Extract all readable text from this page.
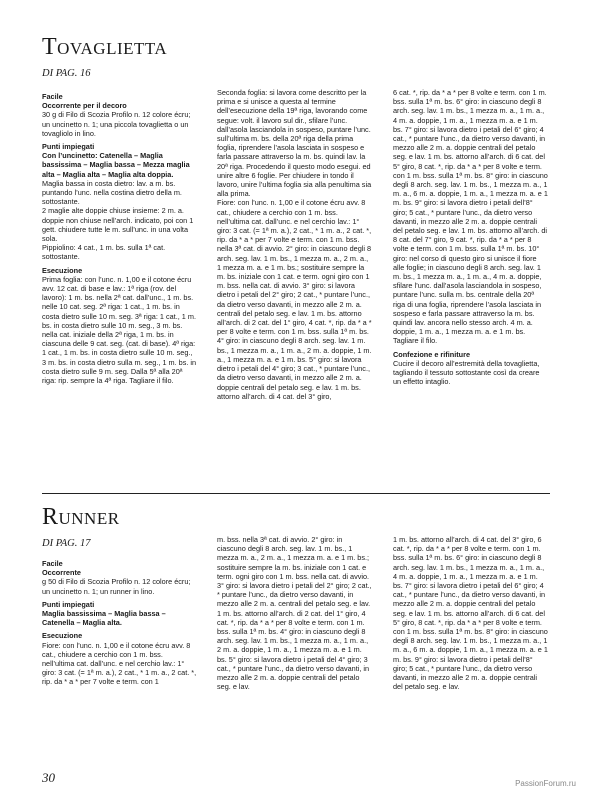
Tovaglietta
DI PAG. 16

Facile

Occorrente per il decoro

30 g di Filo di Scozia Profilo n. 12 colore écru; un uncinetto n. 1; una piccola tovaglietta o un tovagliolo in lino.

Punti impiegati

Con l’uncinetto: Catenella – Maglia bassissima – Maglia bassa – Mezza maglia alta – Maglia alta – Maglia alta doppia.

Maglia bassa in costa dietro: lav. a m. bs. puntando l’unc. nella costina dietro della m. sottostante.

2 maglie alte doppie chiuse insieme: 2 m. a. doppie non chiuse nell’arch. indicato, poi con 1 gett. chiudere tutte le m. sull’unc. in una volta sola.

Pippiolino: 4 cat., 1 m. bs. sulla 1ª cat. sottostante.

Esecuzione

Prima foglia: con l’unc. n. 1,00 e il cotone écru avv. 12 cat. di base e lav.: 1ª riga (rov. del lavoro): 1 m. bs. nella 2ª cat. dall’unc., 1 m. bs. nelle 10 cat. seg. 2ª riga: 1 cat., 1 m. bs. in costa dietro sulle 10 m. seg. 3ª riga: 1 cat., 1 m. bs. in costa dietro sulle 10 m. seg., 3 m. bs. nella cat. iniziale della 2ª riga, 1 m. bs. in ciascuna delle 9 cat. seg. (cat. di base). 4ª riga: 1 cat., 1 m. bs. in costa dietro sulle 10 m. seg., 3 m. bs. in costa dietro sulla m. seg., 1 m. bs. in costa dietro sulle 9 m. seg. Dalla 5ª alla 20ª riga: rip. sempre la 4ª riga. Tagliare il filo.

Seconda foglia: si lavora come descritto per la prima e si unisce a questa al termine dell’esecuzione della 19ª riga, lavorando come segue: volt. il lavoro sul dir., sfilare l’unc. dall’asola lasciandola in sospeso, puntare l’unc. sull’ultima m. bs. della 20ª riga della prima foglia, riprendere l’asola lasciata in sospeso e farla passare attraverso la m. bs. quindi lav. la 20ª riga. Procedendo il questo modo esegui. ed unire altre 6 foglie. Per chiudere in tondo il lavoro, unire l’ultima foglia sia alla penultima sia alla prima.

Fiore: con l’unc. n. 1,00 e il cotone écru avv. 8 cat., chiudere a cerchio con 1 m. bss. nell’ultima cat. dall’unc. e nel cerchio lav.: 1° giro: 3 cat. (= 1ª m. a.), 2 cat., * 1 m. a., 2 cat. *, rip. da * a * per 7 volte e term. con 1 m. bss. nella 3ª cat. di avvio. 2° giro: in ciascuno degli 8 arch. seg. lav. 1 m. bs., 1 mezza m. a., 2 m. a., 1 mezza m. a. e 1 m. bs.; sostituire sempre la m. bs. iniziale con 1 cat. e term. ogni giro con 1 m. bss. nella cat. di avvio. 3° giro: si lavora dietro i petali del 2° giro; 2 cat., * puntare l’unc., da dietro verso davanti, in mezzo alle 2 m. a. centrali del petalo seg. e lav. 1 m. bs. attorno all’arch. di 2 cat. del 1° giro, 4 cat. *, rip. da * a * per 8 volte e term. con 1 m. bss. sulla 1ª m. bs. 4° giro: in ciascuno degli 8 arch. seg. lav. 1 m. bs., 1 mezza m. a., 1 m. a., 2 m. a. doppie, 1 m. a., 1 mezza m. a. e 1 m. bs. 5° giro: si lavora dietro i petali del 4° giro; 3 cat., * puntare l’unc., da dietro verso davanti, in mezzo alle 2 m. a. doppie centrali del petalo seg. e lav. 1 m. bs. attorno all’arch. di 4 cat. del 3° giro,

6 cat. *, rip. da * a * per 8 volte e term. con 1 m. bss. sulla 1ª m. bs. 6° giro: in ciascuno degli 8 arch. seg. lav. 1 m. bs., 1 mezza m. a., 1 m. a., 4 m. a. doppie, 1 m. a., 1 mezza m. a. e 1 m. bs. 7° giro: si lavora dietro i petali del 6° giro; 4 cat., * puntare l’unc., da dietro verso davanti, in mezzo alle 2 m. a. doppie centrali del petalo seg. e lav. 1 m. bs. attorno all’arch. di 6 cat. del 5° giro, 8 cat. *, rip. da * a * per 8 volte e term. con 1 m. bss. sulla 1ª m. bs. 8° giro: in ciascuno degli 8 arch. seg. lav. 1 m. bs., 1 mezza m. a., 1 m. a., 6 m. a. doppie, 1 m. a., 1 mezza m. a. e 1 m. bs. 9° giro: si lavora dietro i petali dell’8° giro; 5 cat., * puntare l’unc., da dietro verso davanti, in mezzo alle 2 m. a. doppie centrali del petalo seg. e lav. 1 m. bs. attorno all’arch. di 8 cat. del 7° giro, 9 cat. *, rip. da * a * per 8 volte e term. con 1 m. bss. sulla 1ª m. bs. 10° giro: nel corso di questo giro si unisce il fiore alle foglie; in ciascuno degli 8 arch. seg. lav. 1 m. bs., 1 mezza m. a., 1 m. a., 4 m. a. doppie, sfilare l’unc. dall’asola lasciandola in sospeso, puntare l’unc. sulla m. bs. centrale della 20ª riga di una foglia, riprendere l’asola lasciata in sospeso e farla passare attraverso la m. bs. quindi lav. ancora nello stesso arch. 4 m. a. doppie, 1 m. a., 1 mezza m. a. e 1 m. bs. Tagliare il filo.

Confezione e rifiniture

Cucire il decoro all’estremità della tovaglietta, tagliando il tessuto sottostante così da creare un effetto intaglio.

Runner
DI PAG. 17

Facile

Occorrente

g 50 di Filo di Scozia Profilo n. 12 colore écru; un uncinetto n. 1; un runner in lino.

Punti impiegati

Maglia bassissima – Maglia bassa – Catenella – Maglia alta.

Esecuzione

Fiore: con l’unc. n. 1,00 e il cotone écru avv. 8 cat., chiudere a cerchio con 1 m. bss. nell’ultima cat. dall’unc. e nel cerchio lav.: 1° giro: 3 cat. (= 1ª m. a.), 2 cat., * 1 m. a., 2 cat. *, rip. da * a * per 7 volte e term. con 1

m. bss. nella 3ª cat. di avvio. 2° giro: in ciascuno degli 8 arch. seg. lav. 1 m. bs., 1 mezza m. a., 2 m. a., 1 mezza m. a. e 1 m. bs.; sostituire sempre la m. bs. iniziale con 1 cat. e term. ogni giro con 1 m. bss. nella cat. di avvio. 3° giro: si lavora dietro i petali del 2° giro; 2 cat., * puntare l’unc., da dietro verso davanti, in mezzo alle 2 m. a. centrali del petalo seg. e lav. 1 m. bs. attorno all’arch. di 2 cat. del 1° giro, 4 cat. *, rip. da * a * per 8 volte e term. con 1 m. bss. sulla 1ª m. bs. 4° giro: in ciascuno degli 8 arch. seg. lav. 1 m. bs., 1 mezza m. a., 1 m. a., 2 m. a. doppie, 1 m. a., 1 mezza m. a. e 1 m. bs. 5° giro: si lavora dietro i petali del 4° giro; 3 cat., * puntare l’unc., da dietro verso davanti, in mezzo alle 2 m. a. doppie centrali del petalo seg. e lav.

1 m. bs. attorno all’arch. di 4 cat. del 3° giro, 6 cat. *, rip. da * a * per 8 volte e term. con 1 m. bss. sulla 1ª m. bs. 6° giro: in ciascuno degli 8 arch. seg. lav. 1 m. bs., 1 mezza m. a., 1 m. a., 4 m. a. doppie, 1 m. a., 1 mezza m. a. e 1 m. bs. 7° giro: si lavora dietro i petali del 6° giro; 4 cat., * puntare l’unc., da dietro verso davanti, in mezzo alle 2 m. a. doppie centrali del petalo seg. e lav. 1 m. bs. attorno all’arch. di 6 cat. del 5° giro, 8 cat. *, rip. da * a * per 8 volte e term. con 1 m. bss. sulla 1ª m. bs. 8° giro: in ciascuno degli 8 arch. seg. lav. 1 m. bs., 1 mezza m. a., 1 m. a., 6 m. a. doppie, 1 m. a., 1 mezza m. a. e 1 m. bs. 9° giro: si lavora dietro i petali dell’8° giro; 5 cat., * puntare l’unc., da dietro verso davanti, in mezzo alle 2 m. a. doppie centrali del petalo seg. e lav.

30	PassionForum.ru
